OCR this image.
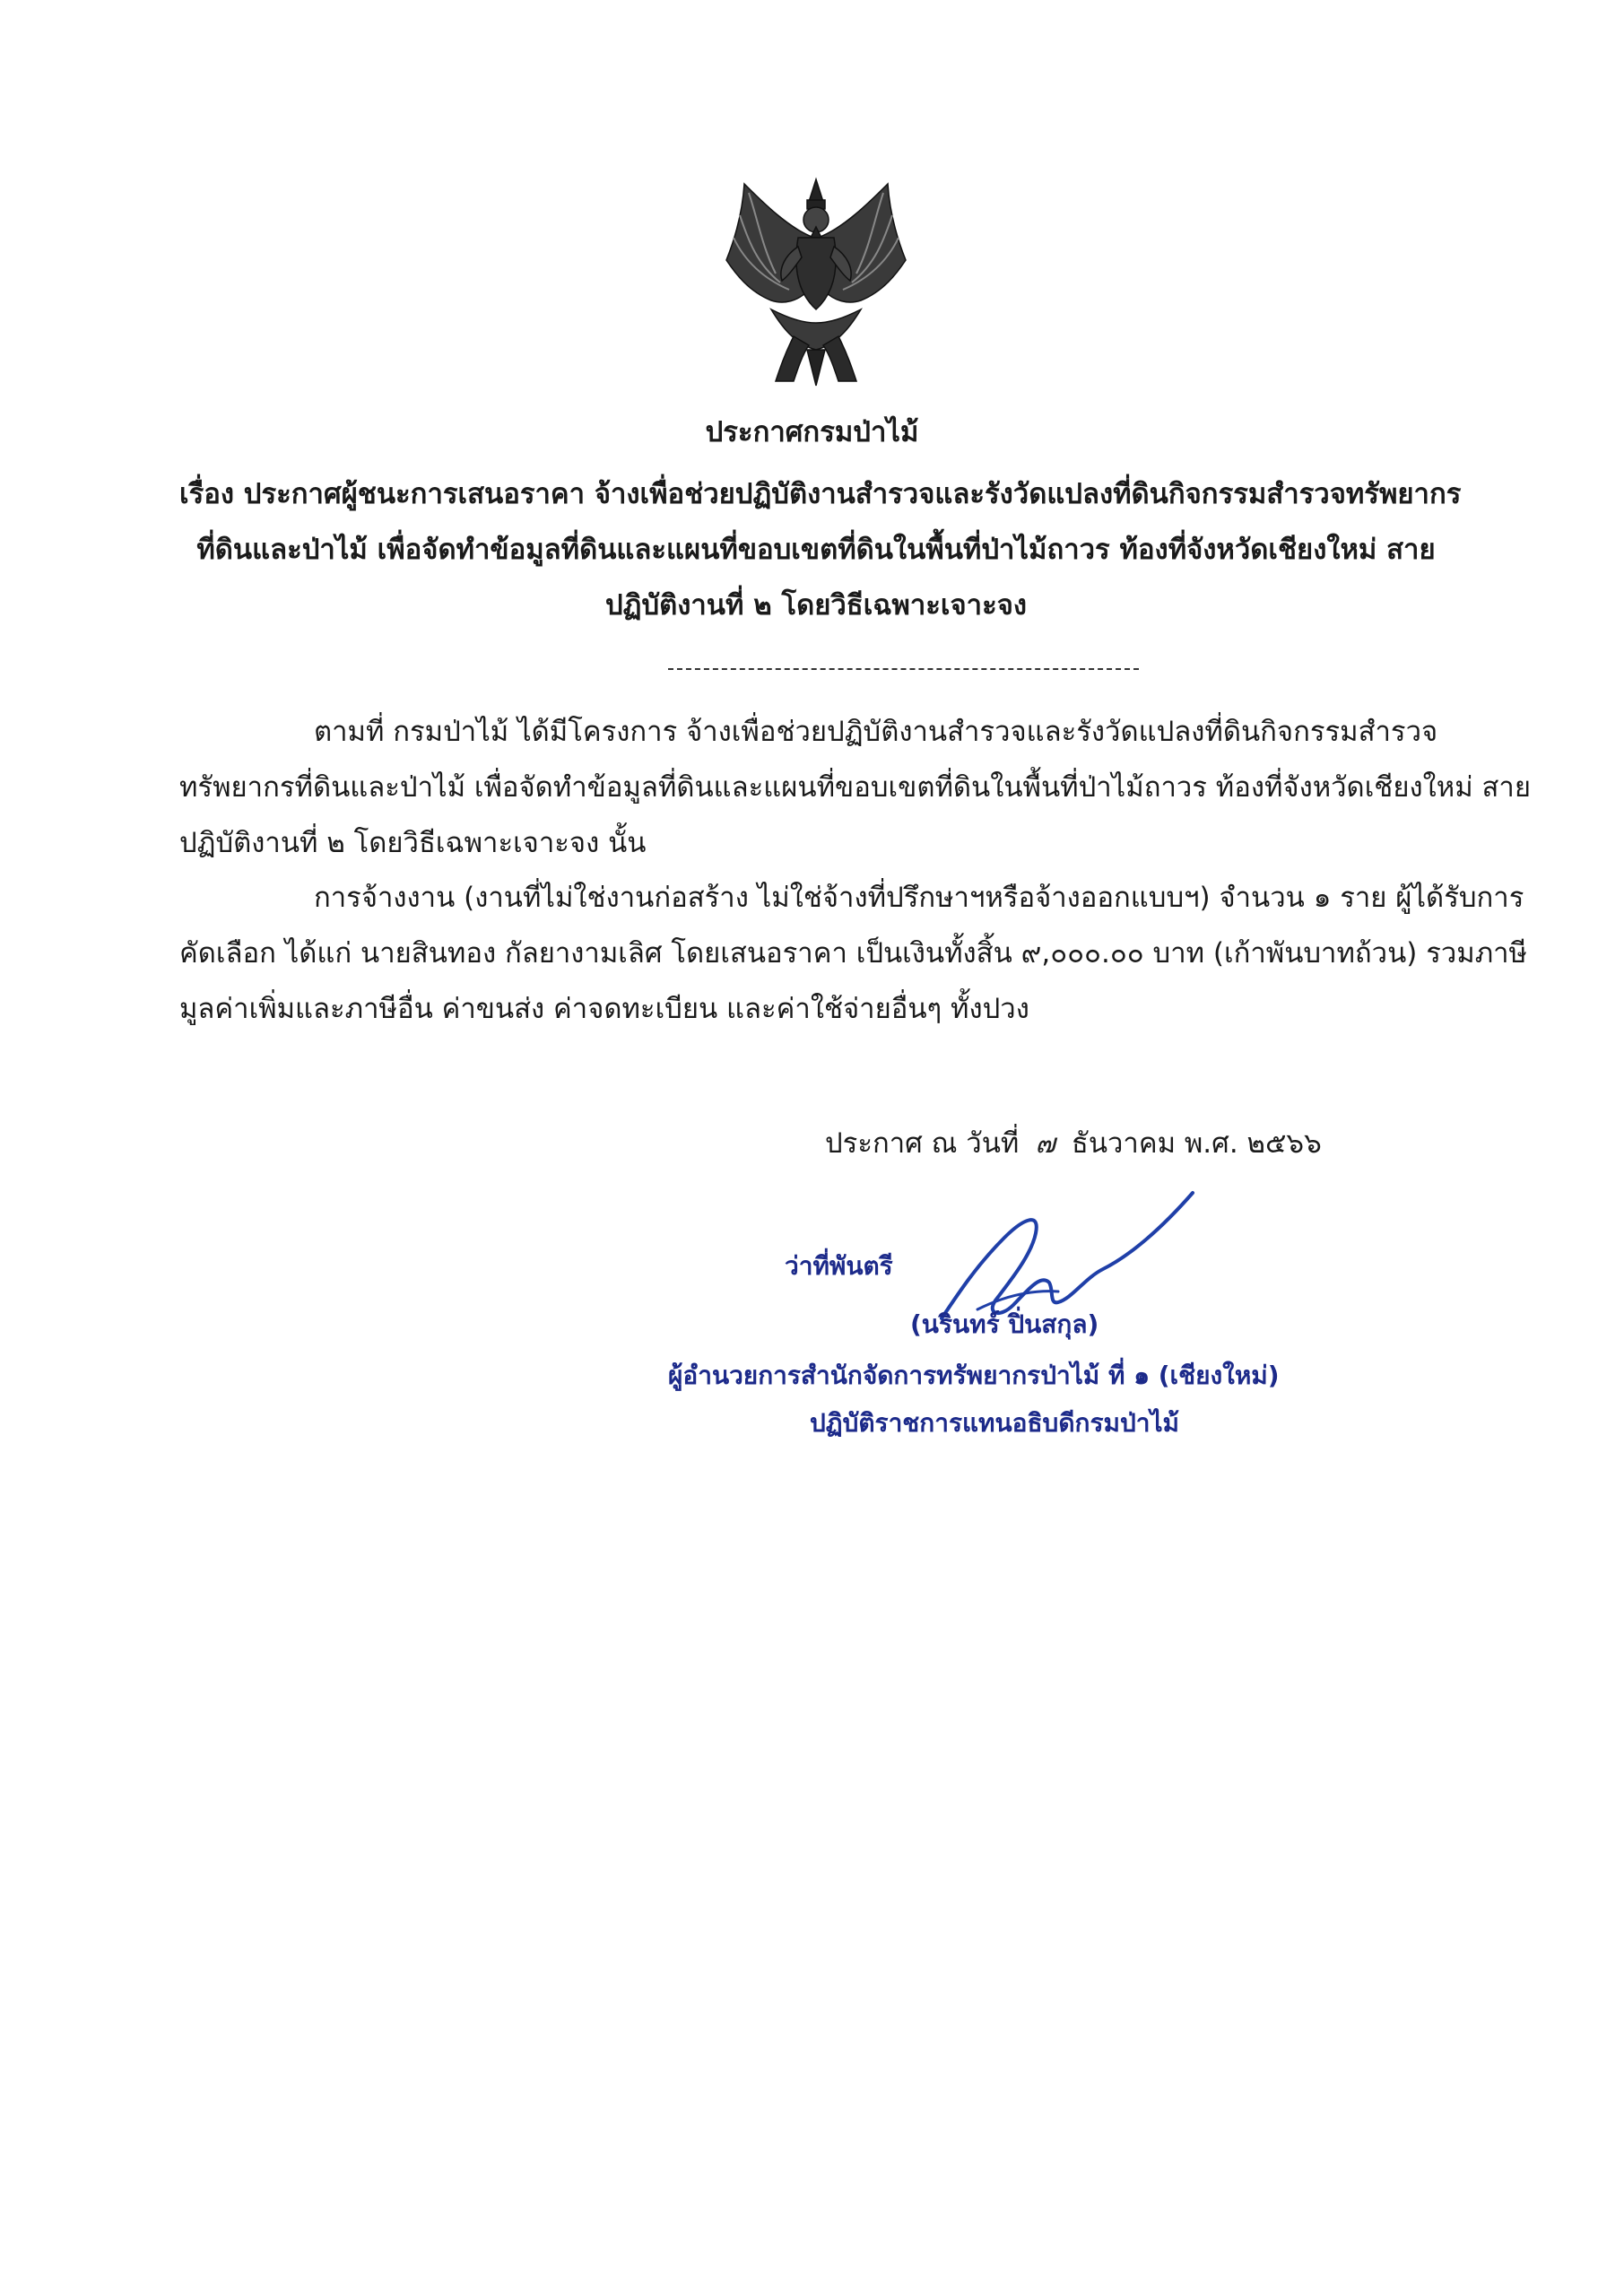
ประกาศกรมป่าไม้
เรื่อง ประกาศผู้ชนะการเสนอราคา จ้างเพื่อช่วยปฏิบัติงานสำรวจและรังวัดแปลงที่ดินกิจกรรมสำรวจทรัพยากร
ที่ดินและป่าไม้ เพื่อจัดทำข้อมูลที่ดินและแผนที่ขอบเขตที่ดินในพื้นที่ป่าไม้ถาวร ท้องที่จังหวัดเชียงใหม่ สาย
ปฏิบัติงานที่ ๒ โดยวิธีเฉพาะเจาะจง
ตามที่ กรมป่าไม้ ได้มีโครงการ จ้างเพื่อช่วยปฏิบัติงานสำรวจและรังวัดแปลงที่ดินกิจกรรมสำรวจ
ทรัพยากรที่ดินและป่าไม้ เพื่อจัดทำข้อมูลที่ดินและแผนที่ขอบเขตที่ดินในพื้นที่ป่าไม้ถาวร ท้องที่จังหวัดเชียงใหม่ สาย
ปฏิบัติงานที่ ๒ โดยวิธีเฉพาะเจาะจง นั้น
การจ้างงาน (งานที่ไม่ใช่งานก่อสร้าง ไม่ใช่จ้างที่ปรึกษาฯหรือจ้างออกแบบฯ) จำนวน ๑ ราย ผู้ได้รับการ
คัดเลือก ได้แก่ นายสินทอง กัลยางามเลิศ โดยเสนอราคา เป็นเงินทั้งสิ้น ๙,๐๐๐.๐๐ บาท (เก้าพันบาทถ้วน) รวมภาษี
มูลค่าเพิ่มและภาษีอื่น ค่าขนส่ง ค่าจดทะเบียน และค่าใช้จ่ายอื่นๆ ทั้งปวง
ประกาศ ณ วันที่ ๗ ธันวาคม พ.ศ. ๒๕๖๖
ว่าที่พันตรี
(นรินทร์ ปิ่นสกุล)
ผู้อำนวยการสำนักจัดการทรัพยากรป่าไม้ ที่ ๑ (เชียงใหม่)
ปฏิบัติราชการแทนอธิบดีกรมป่าไม้
